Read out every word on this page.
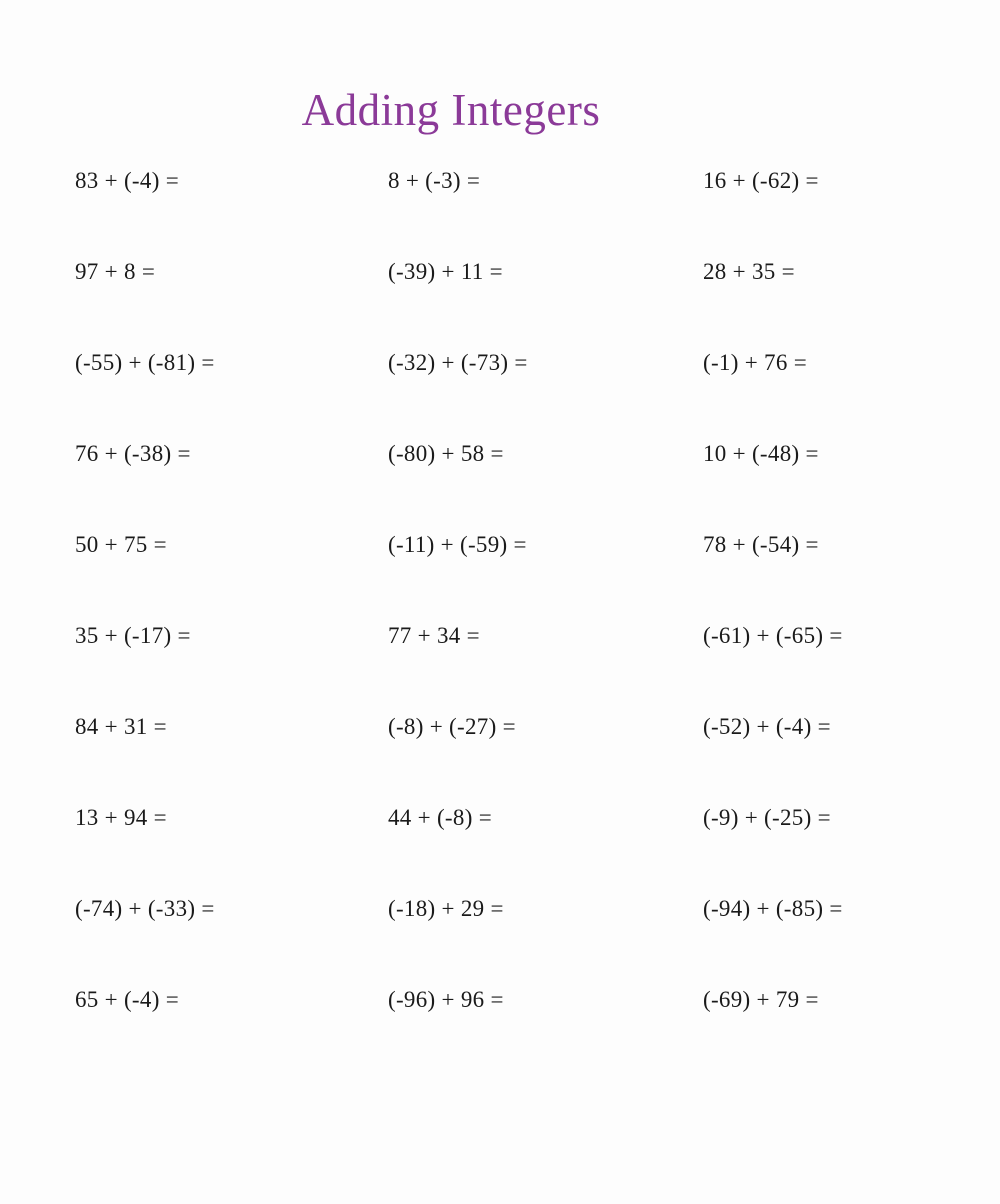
Adding Integers
83 + (-4) =	8 + (-3) =	16 + (-62) =
97 + 8 =	(-39) + 11 =	28 + 35 =
(-55) + (-81) =	(-32) + (-73) =	(-1) + 76 =
76 + (-38) =	(-80) + 58 =	10 + (-48) =
50 + 75 =	(-11) + (-59) =	78 + (-54) =
35 + (-17) =	77 + 34 =	(-61) + (-65) =
84 + 31 =	(-8) + (-27) =	(-52) + (-4) =
13 + 94 =	44 + (-8) =	(-9) + (-25) =
(-74) + (-33) =	(-18) + 29 =	(-94) + (-85) =
65 + (-4) =	(-96) + 96 =	(-69) + 79 =
